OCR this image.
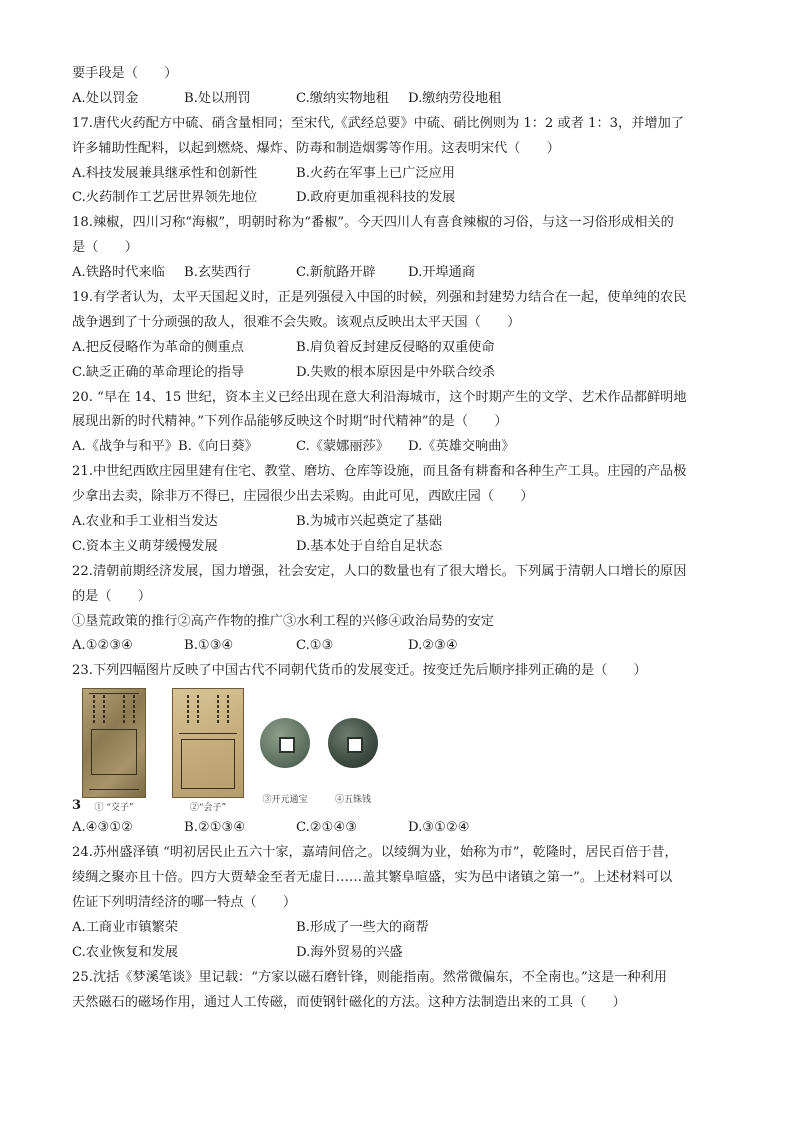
要手段是（　　）
A.处以罚金	B.处以刑罚	C.缴纳实物地租	D.缴纳劳役地租
17.唐代火药配方中硫、硝含量相同；至宋代,《武经总要》中硫、硝比例则为 1：2 或者 1：3，并增加了
许多辅助性配料，以起到燃烧、爆炸、防毒和制造烟雾等作用。这表明宋代（　　）
A.科技发展兼具继承性和创新性	B.火药在军事上已广泛应用
C.火药制作工艺居世界领先地位	D.政府更加重视科技的发展
18.辣椒，四川习称“海椒”，明朝时称为“番椒”。今天四川人有喜食辣椒的习俗，与这一习俗形成相关的
是（　　）
A.铁路时代来临	B.玄奘西行	C.新航路开辟	D.开埠通商
19.有学者认为，太平天国起义时，正是列强侵入中国的时候，列强和封建势力结合在一起，使单纯的农民
战争遇到了十分顽强的敌人，很难不会失败。该观点反映出太平天国（　　）
A.把反侵略作为革命的侧重点	B.肩负着反封建反侵略的双重使命
C.缺乏正确的革命理论的指导	D.失败的根本原因是中外联合绞杀
20. “早在 14、15 世纪，资本主义已经出现在意大利沿海城市，这个时期产生的文学、艺术作品都鲜明地
展现出新的时代精神。”下列作品能够反映这个时期“时代精神”的是（　　）
A.《战争与和平》B.《向日葵》	C.《蒙娜丽莎》	D.《英雄交响曲》
21.中世纪西欧庄园里建有住宅、教堂、磨坊、仓库等设施，而且备有耕畜和各种生产工具。庄园的产品极
少拿出去卖，除非万不得已，庄园很少出去采购。由此可见，西欧庄园（　　）
A.农业和手工业相当发达	B.为城市兴起奠定了基础
C.资本主义萌芽缓慢发展	D.基本处于自给自足状态
22.清朝前期经济发展，国力增强，社会安定，人口的数量也有了很大增长。下列属于清朝人口增长的原因
的是（　　）
①垦荒政策的推行②高产作物的推广③水利工程的兴修④政治局势的安定
A.①②③④	B.①③④	C.①③	D.②③④
23.下列四幅图片反映了中国古代不同朝代货币的发展变迁。按变迁先后顺序排列正确的是（　　）
① “交子”	②“会子”
③开元通宝	④五铢钱
3
A.④③①②	B.②①③④	C.②①④③	D.③①②④
24.苏州盛泽镇 “明初居民止五六十家，嘉靖间倍之。以绫绸为业，始称为市”，乾隆时，居民百倍于昔，
绫绸之聚亦且十倍。四方大贾辇金至者无虚日……盖其繁阜喧盛，实为邑中诸镇之第一”。上述材料可以
佐证下列明清经济的哪一特点（　　）
A.工商业市镇繁荣	B.形成了一些大的商帮
C.农业恢复和发展	D.海外贸易的兴盛
25.沈括《梦溪笔谈》里记载：“方家以磁石磨针锋，则能指南。然常微偏东，不全南也。”这是一种利用
天然磁石的磁场作用，通过人工传磁，而使钢针磁化的方法。这种方法制造出来的工具（　　）
